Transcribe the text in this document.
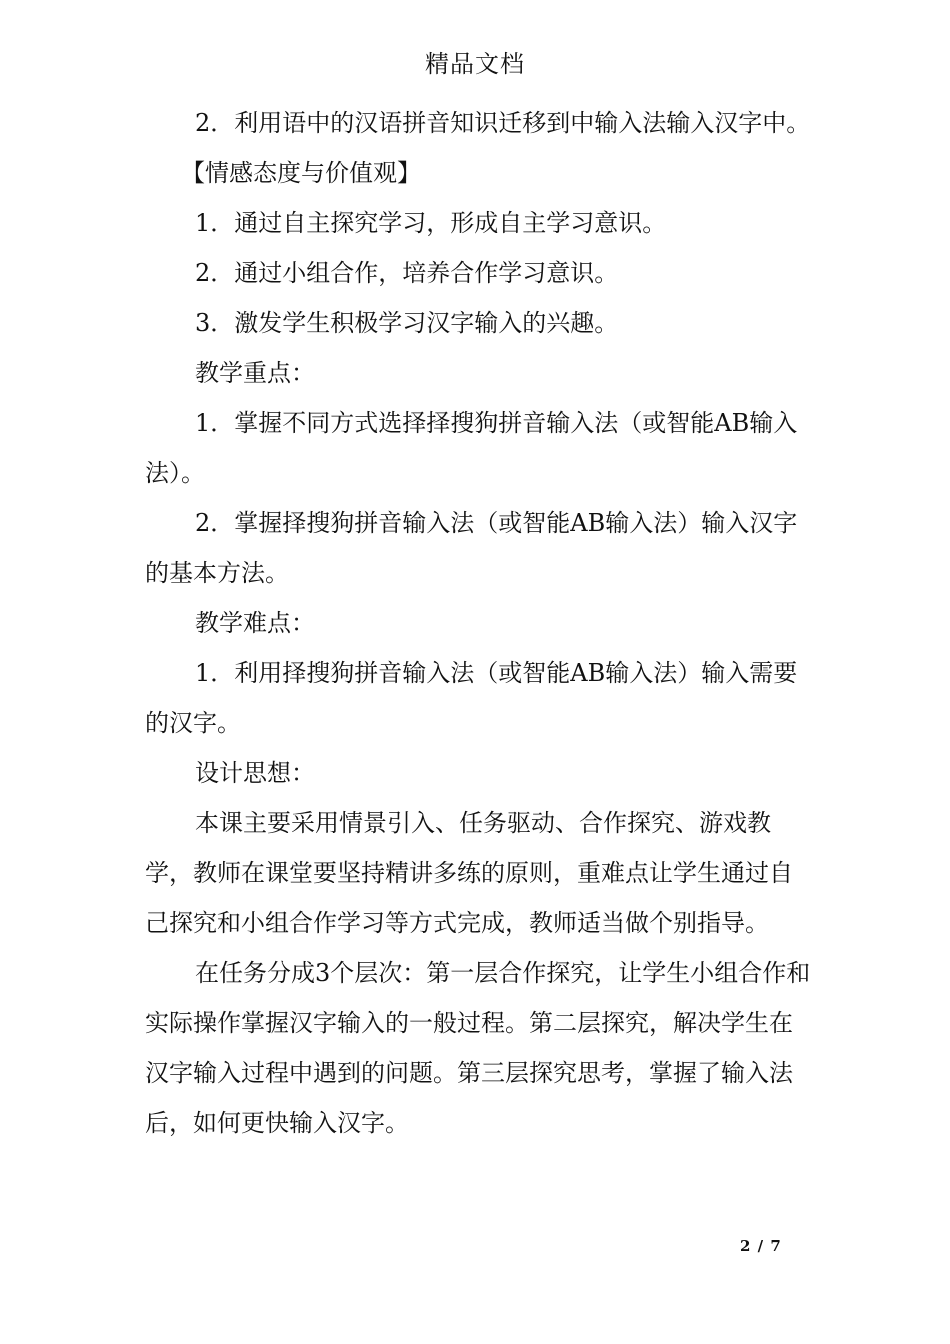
精品文档

2．利用语中的汉语拼音知识迁移到中输入法输入汉字中。

【情感态度与价值观】

1．通过自主探究学习，形成自主学习意识。

2．通过小组合作，培养合作学习意识。

3．激发学生积极学习汉字输入的兴趣。

教学重点：

1．掌握不同方式选择择搜狗拼音输入法（或智能AB输入法）。

2．掌握择搜狗拼音输入法（或智能AB输入法）输入汉字的基本方法。

教学难点：

1．利用择搜狗拼音输入法（或智能AB输入法）输入需要的汉字。

设计思想：

本课主要采用情景引入、任务驱动、合作探究、游戏教学，教师在课堂要坚持精讲多练的原则，重难点让学生通过自己探究和小组合作学习等方式完成，教师适当做个别指导。

在任务分成3个层次：第一层合作探究，让学生小组合作和实际操作掌握汉字输入的一般过程。第二层探究，解决学生在汉字输入过程中遇到的问题。第三层探究思考，掌握了输入法后，如何更快输入汉字。

2 / 7
